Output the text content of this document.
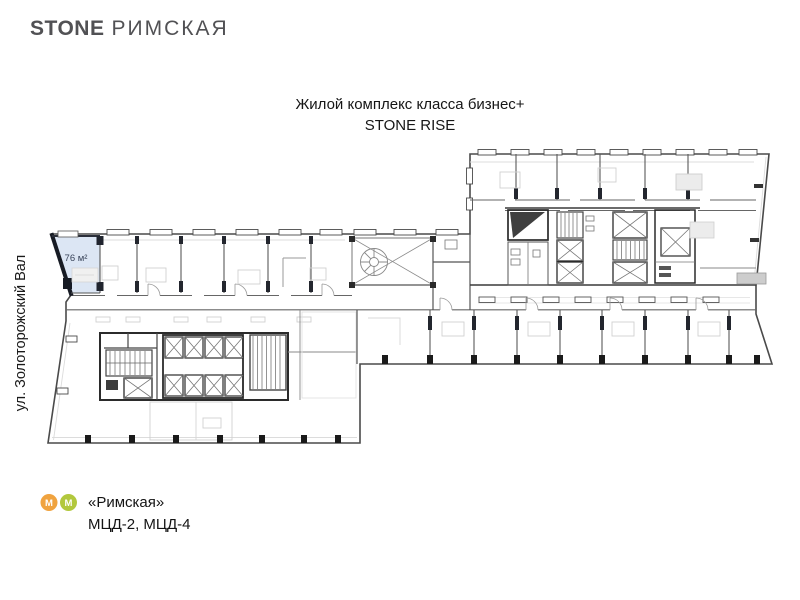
STONE РИМСКАЯ
Жилой комплекс класса бизнес+
STONE RISE
ул. Золоторожский Вал	76 м²
М М «Римская»
МЦД-2, МЦД-4
